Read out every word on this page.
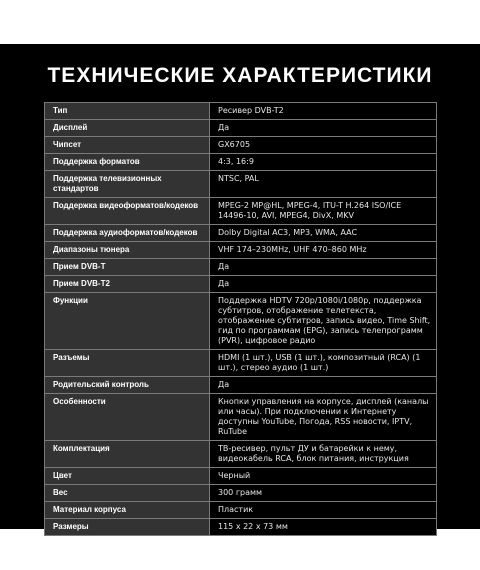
ТЕХНИЧЕСКИЕ ХАРАКТЕРИСТИКИ
Тип	Ресивер DVB-T2
Дисплей	Да
Чипсет	GX6705
Поддержка форматов	4:3, 16:9
Поддержка телевизионных стандартов	NTSC, PAL
Поддержка видеоформатов/кодеков	MPEG-2 MP@HL, MPEG-4, ITU-T H.264 ISO/ICE 14496-10, AVI, MPEG4, DivX, MKV
Поддержка аудиоформатов/кодеков	Dolby Digital AC3, MP3, WMA, AAC
Диапазоны тюнера	VHF 174–230MHz, UHF 470–860 MHz
Прием DVB-T	Да
Прием DVB-T2	Да
Функции	Поддержка HDTV 720p/1080i/1080p, поддержка субтитров, отображение телетекста, отображение субтитров, запись видео, Time Shift, гид по программам (EPG), запись телепрограмм (PVR), цифровое радио
Разъемы	HDMI (1 шт.), USB (1 шт.), композитный (RCA) (1 шт.), стерео аудио (1 шт.)
Родительский контроль	Да
Особенности	Кнопки управления на корпусе, дисплей (каналы или часы). При подключении к Интернету доступны YouTube, Погода, RSS новости, IPTV, RuTube
Комплектация	ТВ-ресивер, пульт ДУ и батарейки к нему, видеокабель RCA, блок питания, инструкция
Цвет	Черный
Вес	300 грамм
Материал корпуса	Пластик
Размеры	115 х 22 х 73 мм
